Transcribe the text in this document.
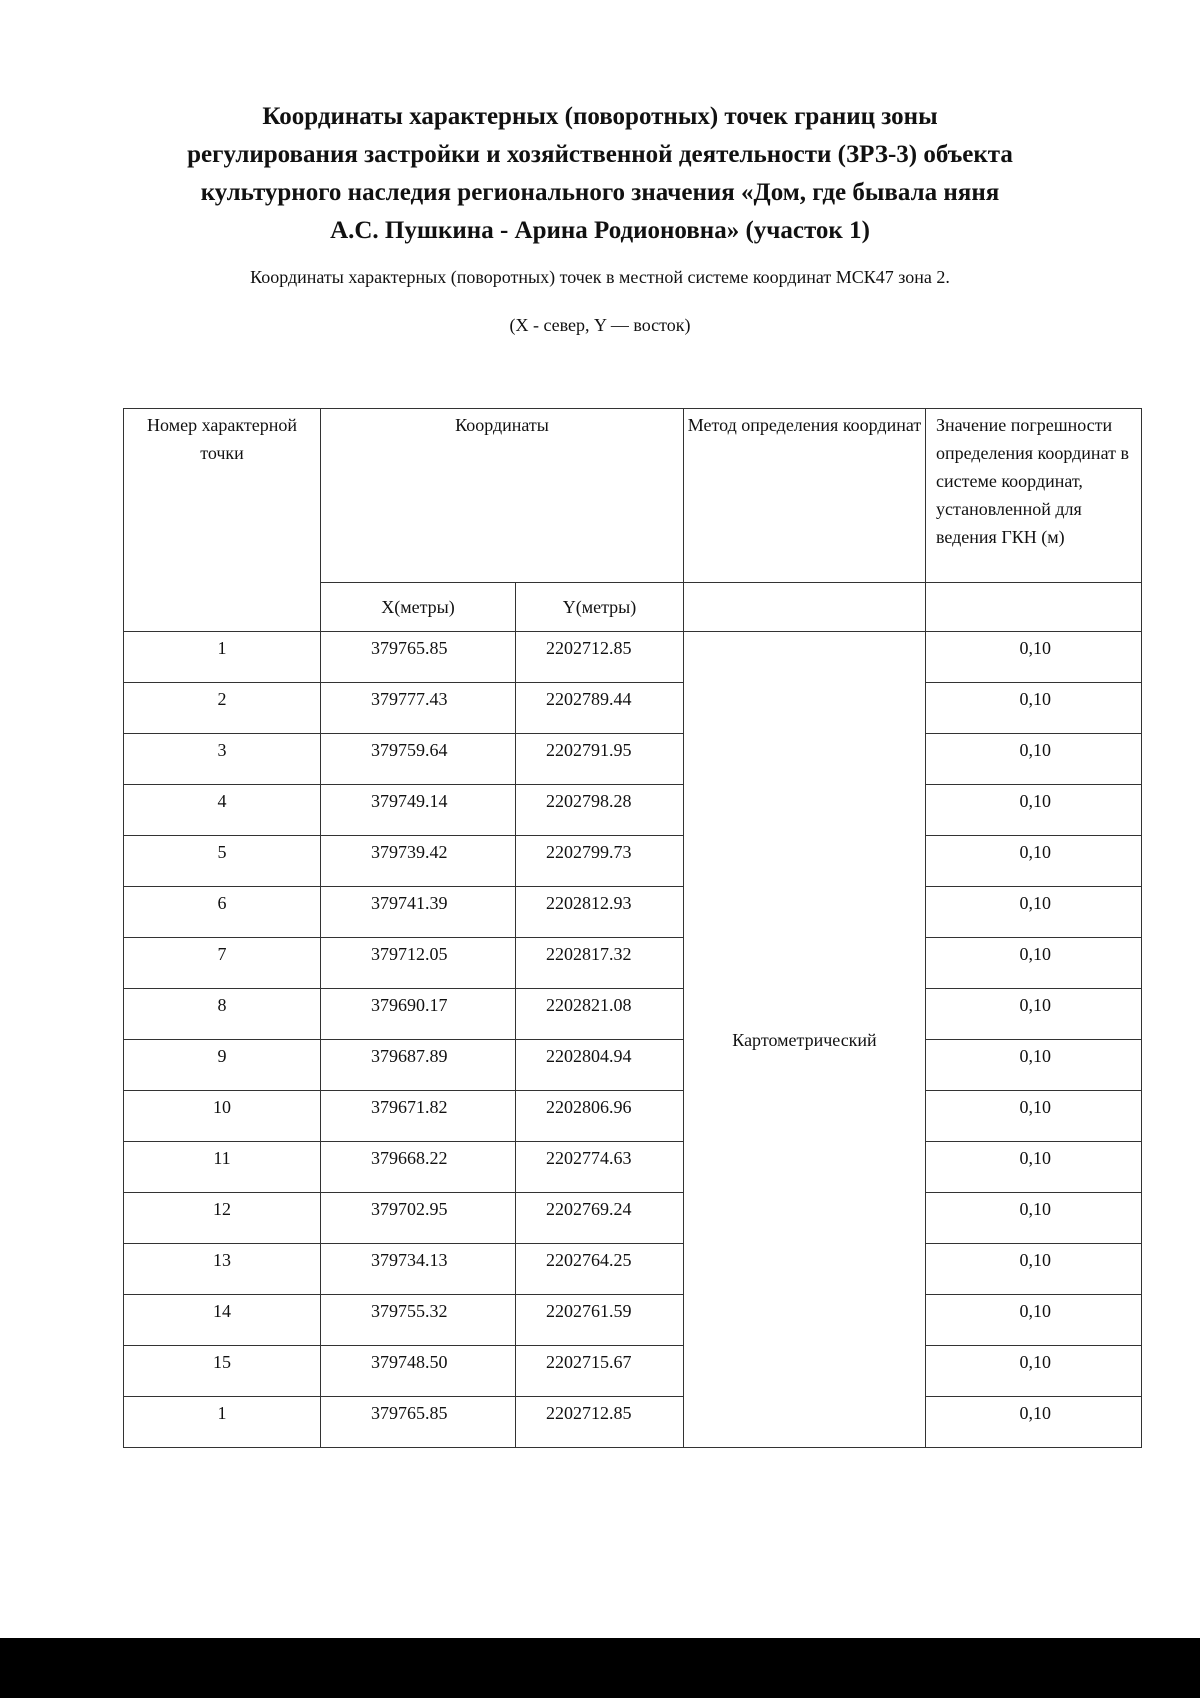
Координаты характерных (поворотных) точек границ зоны
регулирования застройки и хозяйственной деятельности (ЗРЗ-3) объекта
культурного наследия регионального значения «Дом, где бывала няня
А.С. Пушкина - Арина Родионовна» (участок 1)
Координаты характерных (поворотных) точек в местной системе координат МСК47 зона 2.
(X - север, Y — восток)
Номер характерной точки	Координаты		Метод определения координат	Значение погрешности определения координат в системе координат, установленной для ведения ГКН (м)
	X(метры)	Y(метры)		
1	379765.85	2202712.85	Картометрический	0,10
2	379777.43	2202789.44		0,10
3	379759.64	2202791.95		0,10
4	379749.14	2202798.28		0,10
5	379739.42	2202799.73		0,10
6	379741.39	2202812.93		0,10
7	379712.05	2202817.32		0,10
8	379690.17	2202821.08		0,10
9	379687.89	2202804.94		0,10
10	379671.82	2202806.96		0,10
11	379668.22	2202774.63		0,10
12	379702.95	2202769.24		0,10
13	379734.13	2202764.25		0,10
14	379755.32	2202761.59		0,10
15	379748.50	2202715.67		0,10
1	379765.85	2202712.85		0,10
